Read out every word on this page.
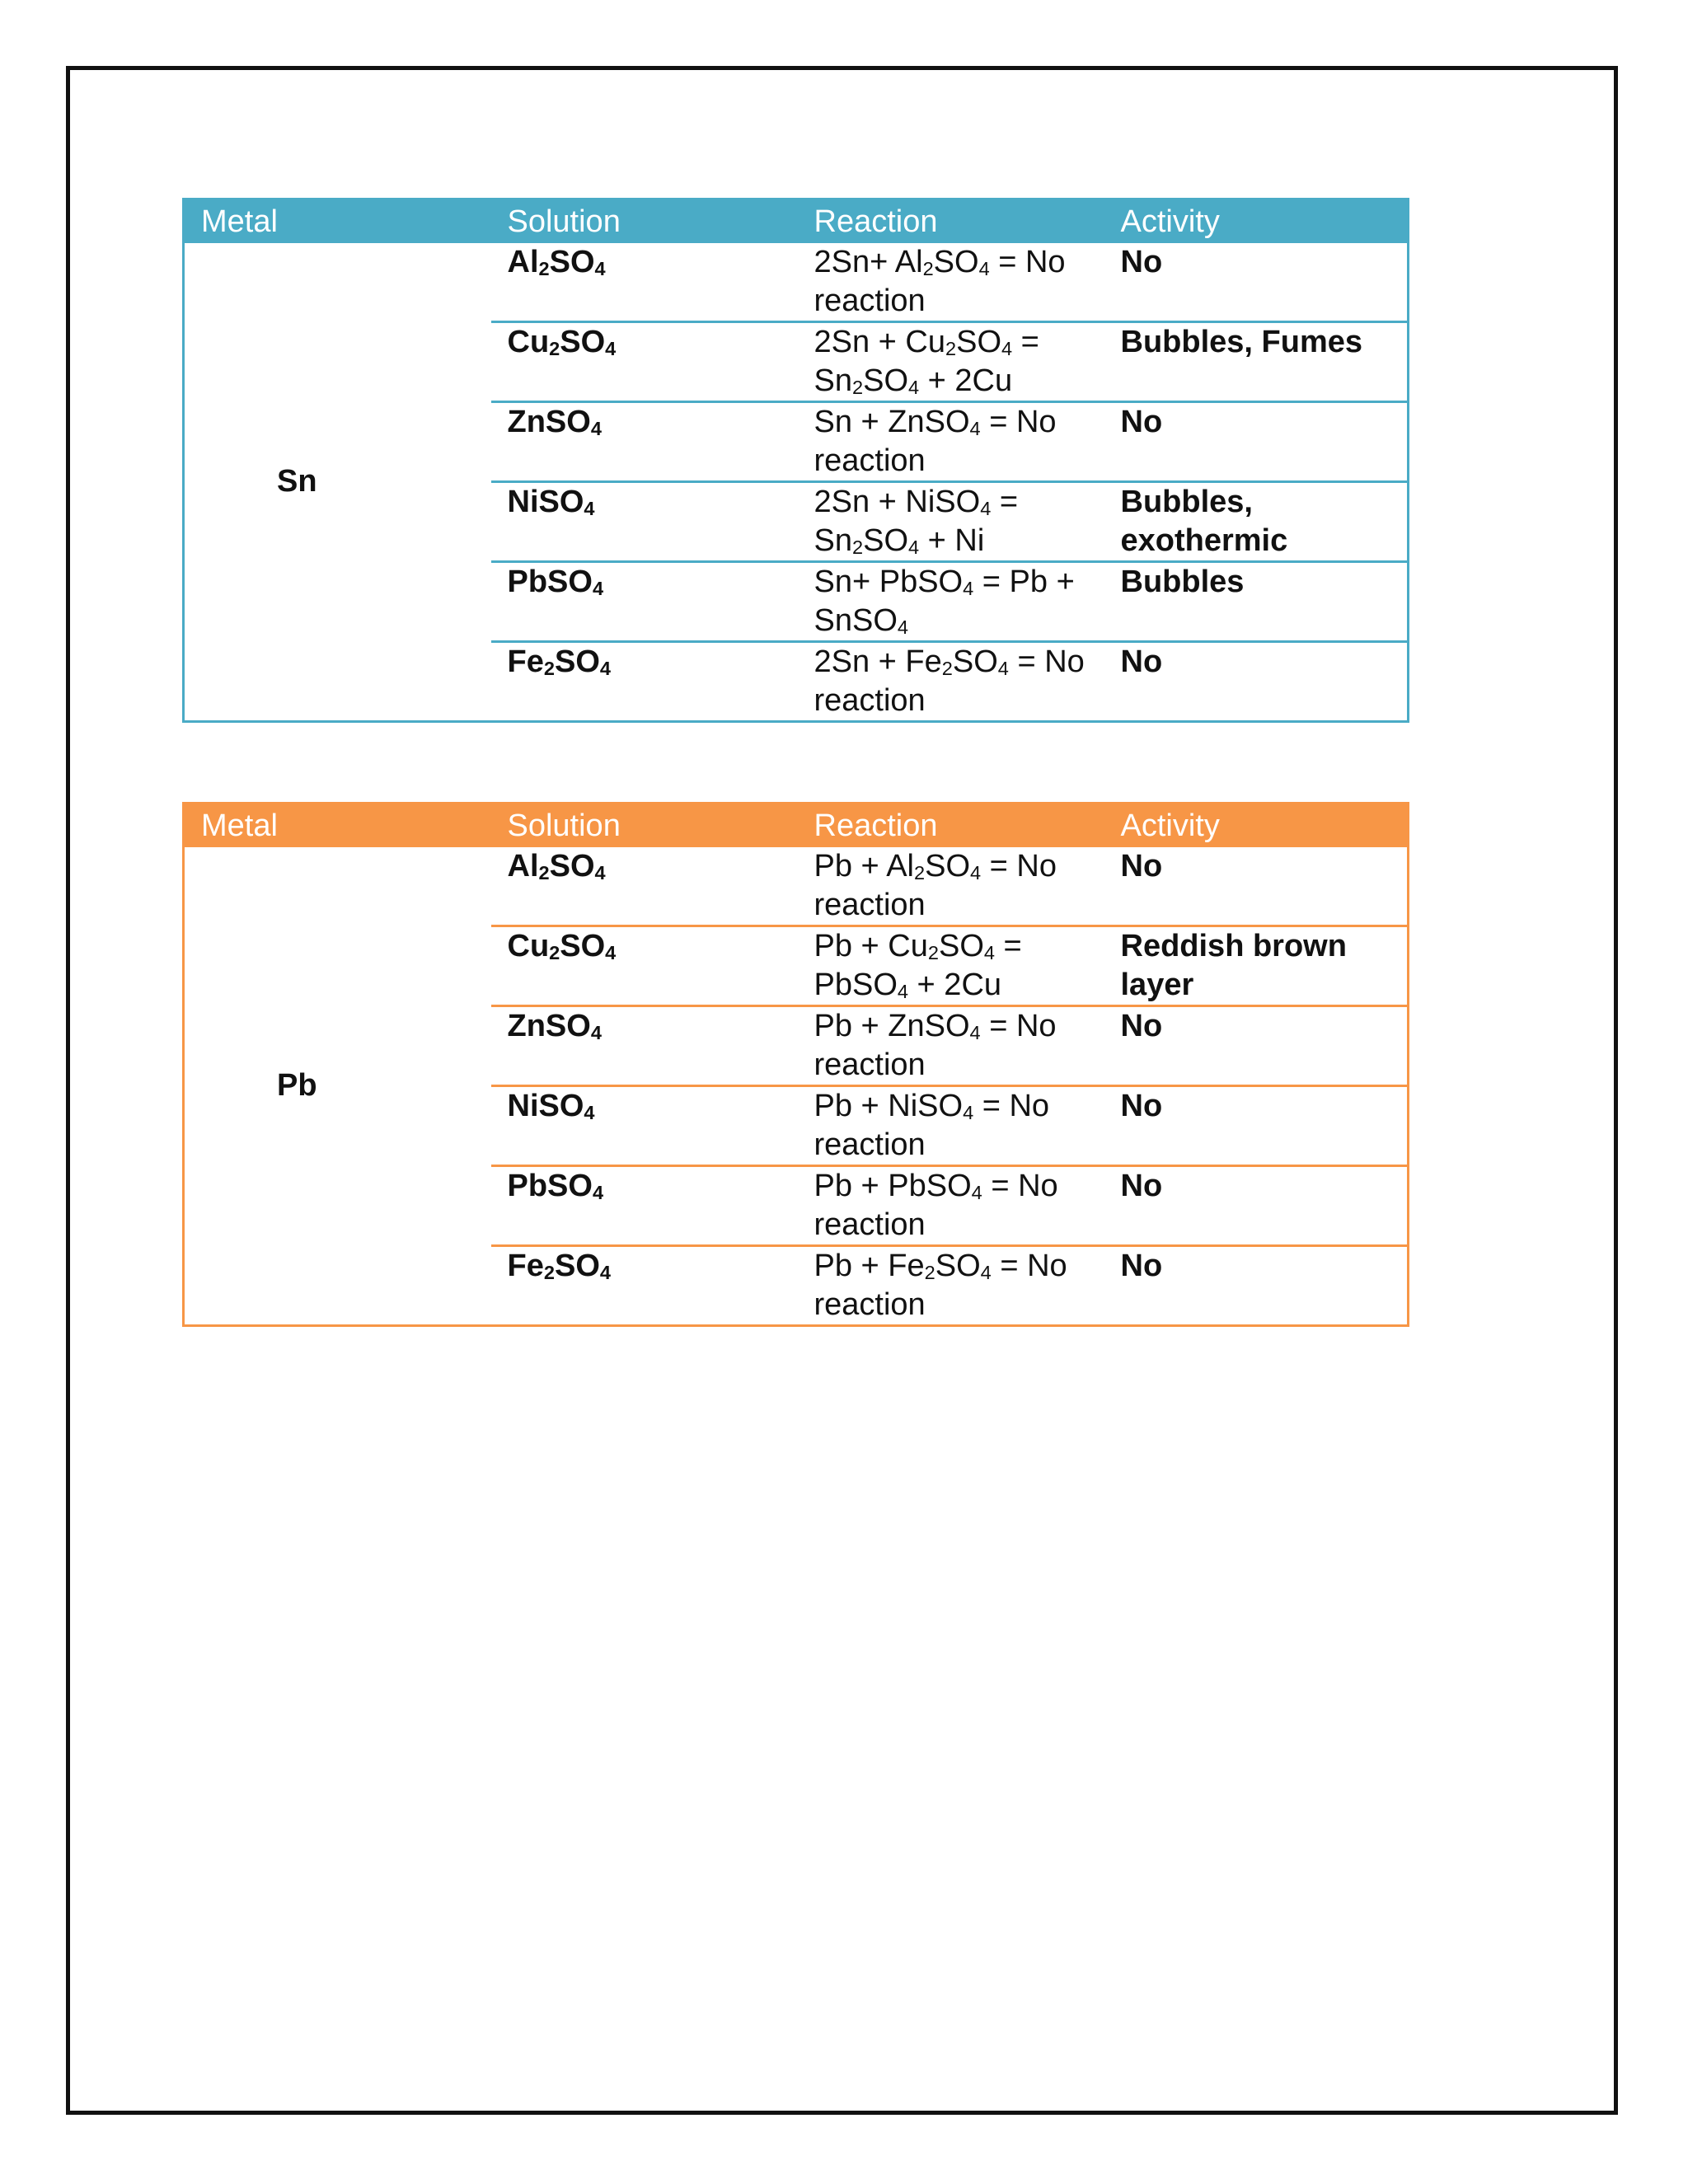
Metal	Solution	Reaction	Activity
Sn	$Al_2SO_4$	$2Sn+ Al_2SO_4 = No$ reaction	No
	$Cu_2SO_4$	$2Sn + Cu_2SO_4 = Sn_2SO_4 + 2Cu$	Bubbles, Fumes
	ZnSO$_4$	Sn + ZnSO$_4$ = No reaction	No
	NiSO$_4$	2Sn + NiSO$_4$ = $Sn_2SO_4 + Ni$	Bubbles, exothermic
	PbSO$_4$	Sn+ PbSO$_4$ = Pb + SnSO$_4$	Bubbles
	$Fe_2SO_4$	$2Sn + Fe_2SO_4 = No$ reaction	No
Metal	Solution	Reaction	Activity
Pb	$Al_2SO_4$	$Pb + Al_2SO_4 = No$ reaction	No
	$Cu_2SO_4$	$Pb + Cu_2SO_4$ = PbSO$_4$ + 2Cu	Reddish brown layer
	ZnSO$_4$	Pb + ZnSO$_4$ = No reaction	No
	NiSO$_4$	Pb + NiSO$_4$ = No reaction	No
	PbSO$_4$	Pb + PbSO$_4$ = No reaction	No
	$Fe_2SO_4$	$Pb + Fe_2SO_4 = No$ reaction	No
